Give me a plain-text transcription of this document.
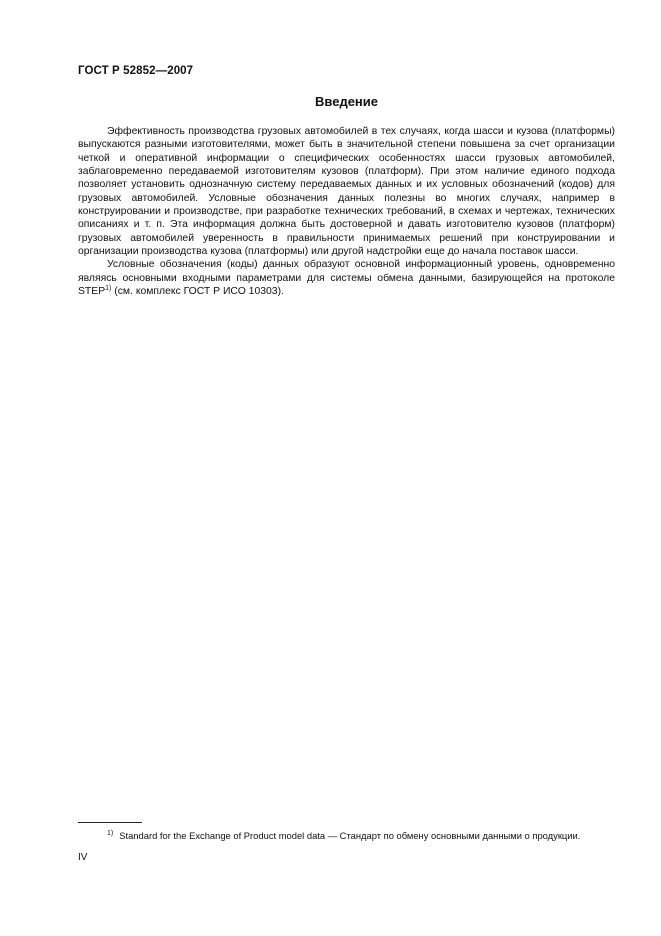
ГОСТ Р 52852—2007
Введение

Эффективность производства грузовых автомобилей в тех случаях, когда шасси и кузова (платформы) выпускаются разными изготовителями, может быть в значительной степени повышена за счет организации четкой и оперативной информации о специфических особенностях шасси грузовых автомобилей, заблаговременно передаваемой изготовителям кузовов (платформ). При этом наличие единого подхода позволяет установить однозначную систему передаваемых данных и их условных обозначений (кодов) для грузовых автомобилей. Условные обозначения данных полезны во многих случаях, например в конструировании и производстве, при разработке технических требований, в схемах и чертежах, технических описаниях и т. п. Эта информация должна быть достоверной и давать изготовителю кузовов (платформ) грузовых автомобилей уверенность в правильности принимаемых решений при конструировании и организации производства кузова (платформы) или другой надстройки еще до начала поставок шасси.

Условные обозначения (коды) данных образуют основной информационный уровень, одновременно являясь основными входными параметрами для системы обмена данными, базирующейся на протоколе STEP$^{1)}$ (см. комплекс ГОСТ Р ИСО 10303).

$^{1)}$ Standard for the Exchange of Product model data — Стандарт по обмену основными данными о продукции.
IV
